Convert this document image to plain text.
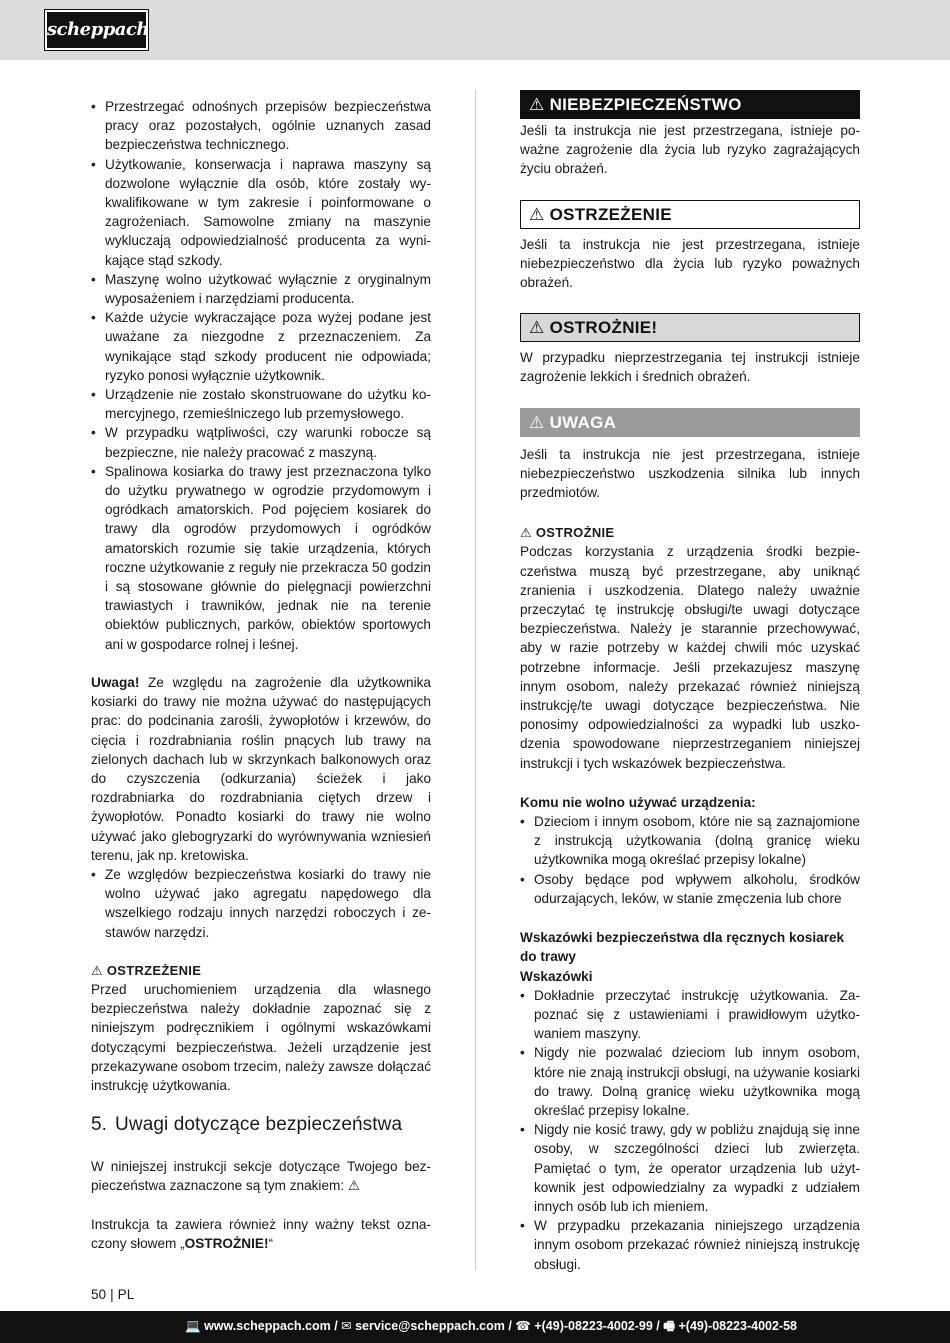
scheppach
• Przestrzegać odnośnych przepisów bezpieczeństwa pracy oraz pozostałych, ogólnie uznanych zasad bezpieczeństwa technicznego.
• Użytkowanie, konserwacja i naprawa maszyny są dozwolone wyłącznie dla osób, które zostały wykwalifikowane w tym zakresie i poinformowane o zagrożeniach. Samowolne zmiany na maszynie wykluczają odpowiedzialność producenta za wynikające stąd szkody.
• Maszynę wolno użytkować wyłącznie z oryginalnym wyposażeniem i narzędziami producenta.
• Każde użycie wykraczające poza wyżej podane jest uważane za niezgodne z przeznaczeniem. Za wynikające stąd szkody producent nie odpowiada; ryzyko ponosi wyłącznie użytkownik.
• Urządzenie nie zostało skonstruowane do użytku komercyjnego, rzemieślniczego lub przemysłowego.
• W przypadku wątpliwości, czy warunki robocze są bezpieczne, nie należy pracować z maszyną.
• Spalinowa kosiarka do trawy jest przeznaczona tylko do użytku prywatnego w ogrodzie przydomowym i ogródkach amatorskich. Pod pojęciem kosiarek do trawy dla ogrodów przydomowych i ogródków amatorskich rozumie się takie urządzenia, których roczne użytkowanie z reguły nie przekracza 50 godzin i są stosowane głównie do pielęgnacji powierzchni trawiastych i trawników, jednak nie na terenie obiektów publicznych, parków, obiektów sportowych ani w gospodarce rolnej i leśnej.

Uwaga! Ze względu na zagrożenie dla użytkownika kosiarki do trawy nie można używać do następujących prac: do podcinania zarośli, żywopłotów i krzewów, do cięcia i rozdrabniania roślin pnących lub trawy na zielonych dachach lub w skrzynkach balkonowych oraz do czyszczenia (odkurzania) ścieżek i jako rozdrabniarka do rozdrabniania ciętych drzew i żywopłotów. Ponadto kosiarki do trawy nie wolno używać jako glebogryzarki do wyrównywania wzniesień terenu, jak np. kretowiska.

• Ze względów bezpieczeństwa kosiarki do trawy nie wolno używać jako agregatu napędowego dla wszelkiego rodzaju innych narzędzi roboczych i zestawów narzędzi.
⚠ OSTRZEŻENIE

Przed uruchomieniem urządzenia dla własnego bezpieczeństwa należy dokładnie zapoznać się z niniejszym podręcznikiem i ogólnymi wskazówkami dotyczącymi bezpieczeństwa. Jeżeli urządzenie jest przekazywane osobom trzecim, należy zawsze dołączać instrukcję użytkowania.

5. Uwagi dotyczące bezpieczeństwa

W niniejszej instrukcji sekcje dotyczące Twojego bezpieczeństwa zaznaczone są tym znakiem: ⚠

Instrukcja ta zawiera również inny ważny tekst oznaczony słowem „OSTROŻNIE!“

⚠ NIEBEZPIECZEŃSTWO

Jeśli ta instrukcja nie jest przestrzegana, istnieje poważne zagrożenie dla życia lub ryzyko zagrażających życiu obrażeń.

⚠ OSTRZEŻENIE

Jeśli ta instrukcja nie jest przestrzegana, istnieje niebezpieczeństwo dla życia lub ryzyko poważnych obrażeń.

⚠ OSTROŻNIE!

W przypadku nieprzestrzegania tej instrukcji istnieje zagrożenie lekkich i średnich obrażeń.

⚠ UWAGA

Jeśli ta instrukcja nie jest przestrzegana, istnieje niebezpieczeństwo uszkodzenia silnika lub innych przedmiotów.

⚠ OSTROŻNIE

Podczas korzystania z urządzenia środki bezpieczeństwa muszą być przestrzegane, aby uniknąć zranienia i uszkodzenia. Dlatego należy uważnie przeczytać tę instrukcję obsługi/te uwagi dotyczące bezpieczeństwa. Należy je starannie przechowywać, aby w razie potrzeby w każdej chwili móc uzyskać potrzebne informacje. Jeśli przekazujesz maszynę innym osobom, należy przekazać również niniejszą instrukcję/te uwagi dotyczące bezpieczeństwa. Nie ponosimy odpowiedzialności za wypadki lub uszkodzenia spowodowane nieprzestrzeganiem niniejszej instrukcji i tych wskazówek bezpieczeństwa.

Komu nie wolno używać urządzenia:
• Dzieciom i innym osobom, które nie są zaznajomione z instrukcją użytkowania (dolną granicę wieku użytkownika mogą określać przepisy lokalne)
• Osoby będące pod wpływem alkoholu, środków odurzających, leków, w stanie zmęczenia lub chore
Wskazówki bezpieczeństwa dla ręcznych kosiarek do trawy
Wskazówki
• Dokładnie przeczytać instrukcję użytkowania. Zapoznać się z ustawieniami i prawidłowym użytkowaniem maszyny.
• Nigdy nie pozwalać dzieciom lub innym osobom, które nie znają instrukcji obsługi, na używanie kosiarki do trawy. Dolną granicę wieku użytkownika mogą określać przepisy lokalne.
• Nigdy nie kosić trawy, gdy w pobliżu znajdują się inne osoby, w szczególności dzieci lub zwierzęta. Pamiętać o tym, że operator urządzenia lub użytkownik jest odpowiedzialny za wypadki z udziałem innych osób lub ich mieniem.
• W przypadku przekazania niniejszego urządzenia innym osobom przekazać również niniejszą instrukcję obsługi.
50 | PL
💻 www.scheppach.com / ✉ service@scheppach.com / ☎ +(49)-08223-4002-99 / 🖷 +(49)-08223-4002-58
